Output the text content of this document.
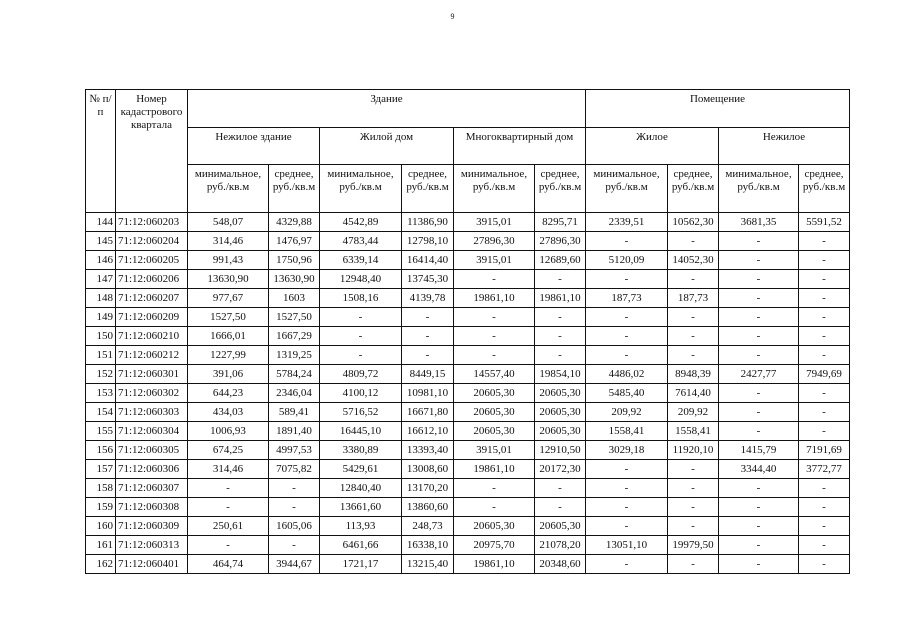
9
№ п/п	Номер кадастрового квартала	Здание						Помещение			
		Нежилое здание		Жилой дом		Многоквартирный дом		Жилое		Нежилое	
		минимальное, руб./кв.м	среднее, руб./кв.м	минимальное, руб./кв.м	среднее, руб./кв.м	минимальное, руб./кв.м	среднее, руб./кв.м	минимальное, руб./кв.м	среднее, руб./кв.м	минимальное, руб./кв.м	среднее, руб./кв.м
144	71:12:060203	548,07	4329,88	4542,89	11386,90	3915,01	8295,71	2339,51	10562,30	3681,35	5591,52
145	71:12:060204	314,46	1476,97	4783,44	12798,10	27896,30	27896,30	-	-	-	-
146	71:12:060205	991,43	1750,96	6339,14	16414,40	3915,01	12689,60	5120,09	14052,30	-	-
147	71:12:060206	13630,90	13630,90	12948,40	13745,30	-	-	-	-	-	-
148	71:12:060207	977,67	1603	1508,16	4139,78	19861,10	19861,10	187,73	187,73	-	-
149	71:12:060209	1527,50	1527,50	-	-	-	-	-	-	-	-
150	71:12:060210	1666,01	1667,29	-	-	-	-	-	-	-	-
151	71:12:060212	1227,99	1319,25	-	-	-	-	-	-	-	-
152	71:12:060301	391,06	5784,24	4809,72	8449,15	14557,40	19854,10	4486,02	8948,39	2427,77	7949,69
153	71:12:060302	644,23	2346,04	4100,12	10981,10	20605,30	20605,30	5485,40	7614,40	-	-
154	71:12:060303	434,03	589,41	5716,52	16671,80	20605,30	20605,30	209,92	209,92	-	-
155	71:12:060304	1006,93	1891,40	16445,10	16612,10	20605,30	20605,30	1558,41	1558,41	-	-
156	71:12:060305	674,25	4997,53	3380,89	13393,40	3915,01	12910,50	3029,18	11920,10	1415,79	7191,69
157	71:12:060306	314,46	7075,82	5429,61	13008,60	19861,10	20172,30	-	-	3344,40	3772,77
158	71:12:060307	-	-	12840,40	13170,20	-	-	-	-	-	-
159	71:12:060308	-	-	13661,60	13860,60	-	-	-	-	-	-
160	71:12:060309	250,61	1605,06	113,93	248,73	20605,30	20605,30	-	-	-	-
161	71:12:060313	-	-	6461,66	16338,10	20975,70	21078,20	13051,10	19979,50	-	-
162	71:12:060401	464,74	3944,67	1721,17	13215,40	19861,10	20348,60	-	-	-	-
